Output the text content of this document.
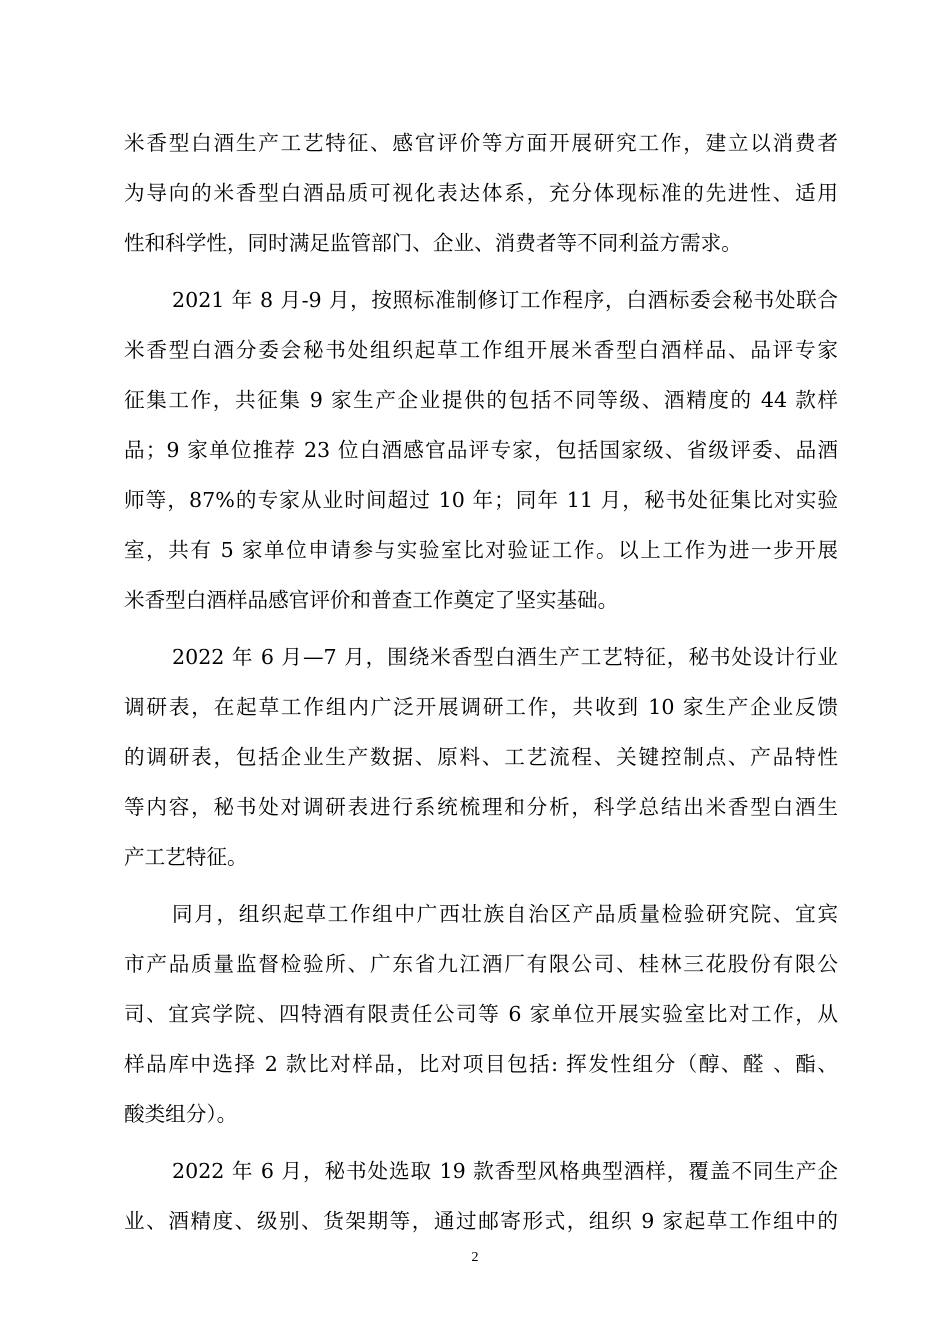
米香型白酒生产工艺特征、感官评价等方面开展研究工作，建立以消费者
为导向的米香型白酒品质可视化表达体系，充分体现标准的先进性、适用
性和科学性，同时满足监管部门、企业、消费者等不同利益方需求。
2021 年 8 月-9 月，按照标准制修订工作程序，白酒标委会秘书处联合
米香型白酒分委会秘书处组织起草工作组开展米香型白酒样品、品评专家
征集工作，共征集 9 家生产企业提供的包括不同等级、酒精度的 44 款样
品；9 家单位推荐 23 位白酒感官品评专家，包括国家级、省级评委、品酒
师等，87%的专家从业时间超过 10 年；同年 11 月，秘书处征集比对实验
室，共有 5 家单位申请参与实验室比对验证工作。以上工作为进一步开展
米香型白酒样品感官评价和普查工作奠定了坚实基础。
2022 年 6 月—7 月，围绕米香型白酒生产工艺特征，秘书处设计行业
调研表，在起草工作组内广泛开展调研工作，共收到 10 家生产企业反馈
的调研表，包括企业生产数据、原料、工艺流程、关键控制点、产品特性
等内容，秘书处对调研表进行系统梳理和分析，科学总结出米香型白酒生
产工艺特征。
同月，组织起草工作组中广西壮族自治区产品质量检验研究院、宜宾
市产品质量监督检验所、广东省九江酒厂有限公司、桂林三花股份有限公
司、宜宾学院、四特酒有限责任公司等 6 家单位开展实验室比对工作，从
样品库中选择 2 款比对样品，比对项目包括: 挥发性组分（醇、醛 、酯、
酸类组分）。
2022 年 6 月，秘书处选取 19 款香型风格典型酒样，覆盖不同生产企
业、酒精度、级别、货架期等，通过邮寄形式，组织 9 家起草工作组中的
2
